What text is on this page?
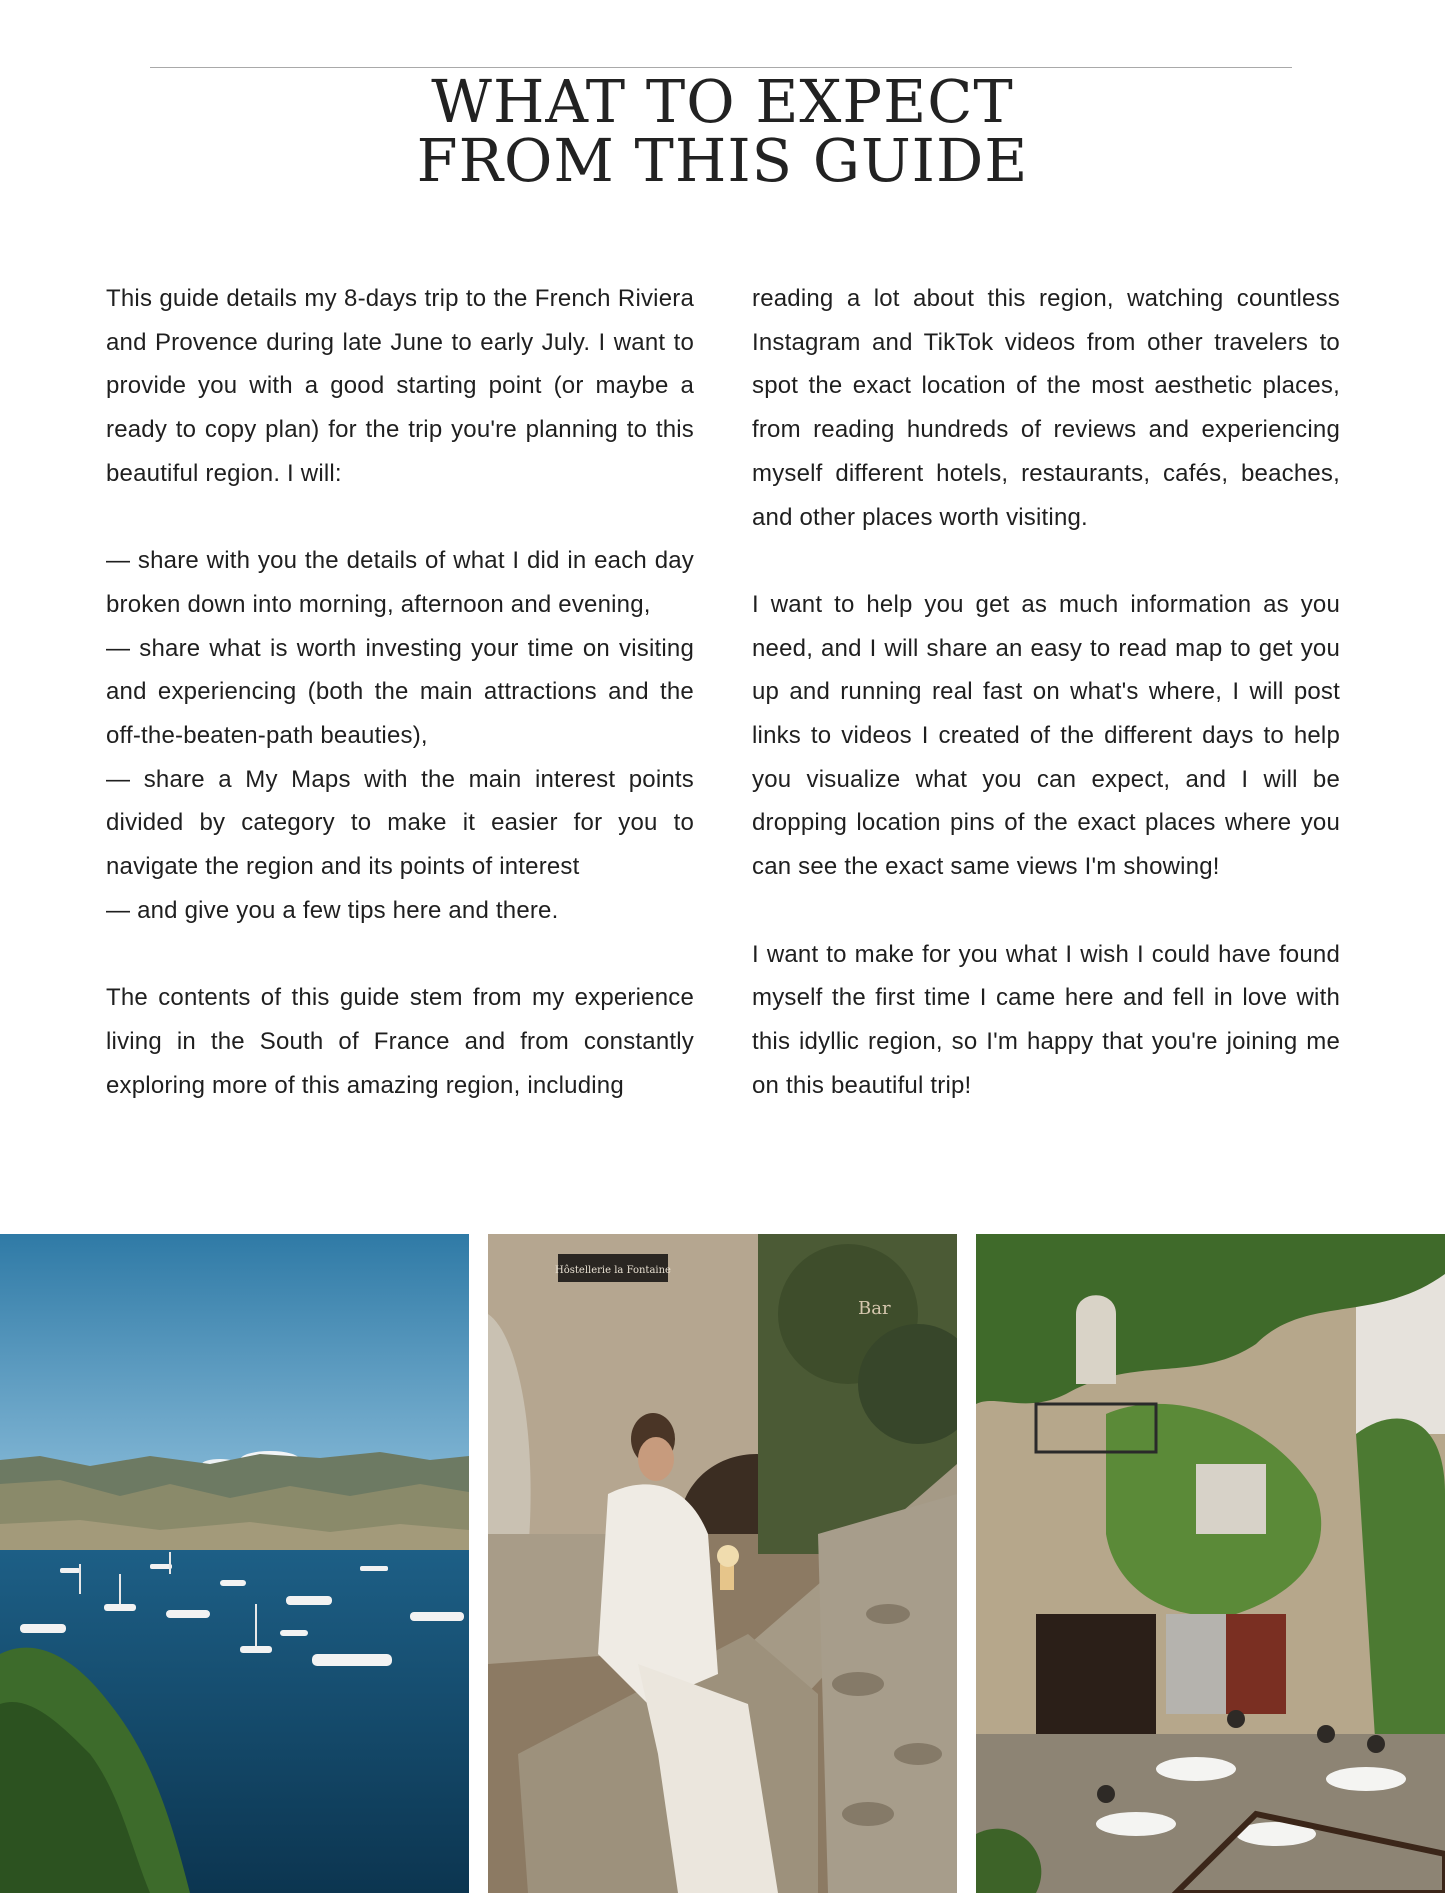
WHAT TO EXPECT
FROM THIS GUIDE

This guide details my 8-days trip to the French Riviera and Provence during late June to early July. I want to provide you with a good starting point (or maybe a ready to copy plan) for the trip you're planning to this beautiful region. I will:

— share with you the details of what I did in each day broken down into morning, afternoon and evening,

— share what is worth investing your time on visiting and experiencing (both the main attractions and the off-the-beaten-path beauties),

— share a My Maps with the main interest points divided by category to make it easier for you to navigate the region and its points of interest

— and give you a few tips here and there.

The contents of this guide stem from my experience living in the South of France and from constantly exploring more of this amazing region, including

reading a lot about this region, watching countless Instagram and TikTok videos from other travelers to spot the exact location of the most aesthetic places, from reading hundreds of reviews and experiencing myself different hotels, restaurants, cafés, beaches, and other places worth visiting.

I want to help you get as much information as you need, and I will share an easy to read map to get you up and running real fast on what's where, I will post links to videos I created of the different days to help you visualize what you can expect, and I will be dropping location pins of the exact places where you can see the exact same views I'm showing!

I want to make for you what I wish I could have found myself the first time I came here and fell in love with this idyllic region, so I'm happy that you're joining me on this beautiful trip!

Hôstellerie la Fontaine
Bar
